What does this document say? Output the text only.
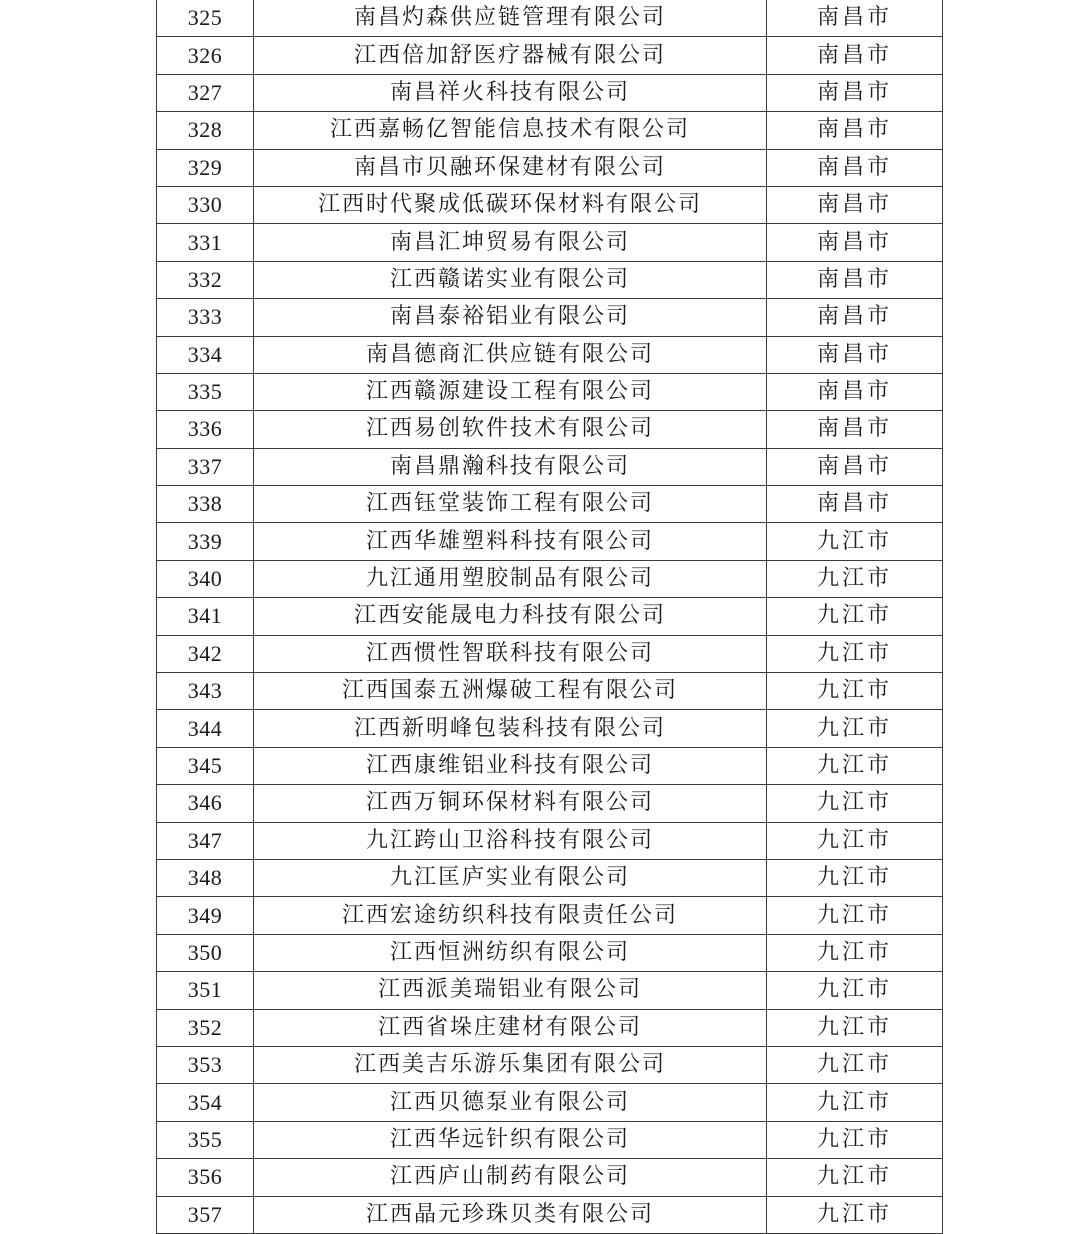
325	南昌灼森供应链管理有限公司	南昌市
326	江西倍加舒医疗器械有限公司	南昌市
327	南昌祥火科技有限公司	南昌市
328	江西嘉畅亿智能信息技术有限公司	南昌市
329	南昌市贝融环保建材有限公司	南昌市
330	江西时代聚成低碳环保材料有限公司	南昌市
331	南昌汇坤贸易有限公司	南昌市
332	江西赣诺实业有限公司	南昌市
333	南昌泰裕铝业有限公司	南昌市
334	南昌德商汇供应链有限公司	南昌市
335	江西赣源建设工程有限公司	南昌市
336	江西易创软件技术有限公司	南昌市
337	南昌鼎瀚科技有限公司	南昌市
338	江西钰堂装饰工程有限公司	南昌市
339	江西华雄塑料科技有限公司	九江市
340	九江通用塑胶制品有限公司	九江市
341	江西安能晟电力科技有限公司	九江市
342	江西惯性智联科技有限公司	九江市
343	江西国泰五洲爆破工程有限公司	九江市
344	江西新明峰包装科技有限公司	九江市
345	江西康维铝业科技有限公司	九江市
346	江西万铜环保材料有限公司	九江市
347	九江跨山卫浴科技有限公司	九江市
348	九江匡庐实业有限公司	九江市
349	江西宏途纺织科技有限责任公司	九江市
350	江西恒洲纺织有限公司	九江市
351	江西派美瑞铝业有限公司	九江市
352	江西省垛庄建材有限公司	九江市
353	江西美吉乐游乐集团有限公司	九江市
354	江西贝德泵业有限公司	九江市
355	江西华远针织有限公司	九江市
356	江西庐山制药有限公司	九江市
357	江西晶元珍珠贝类有限公司	九江市
